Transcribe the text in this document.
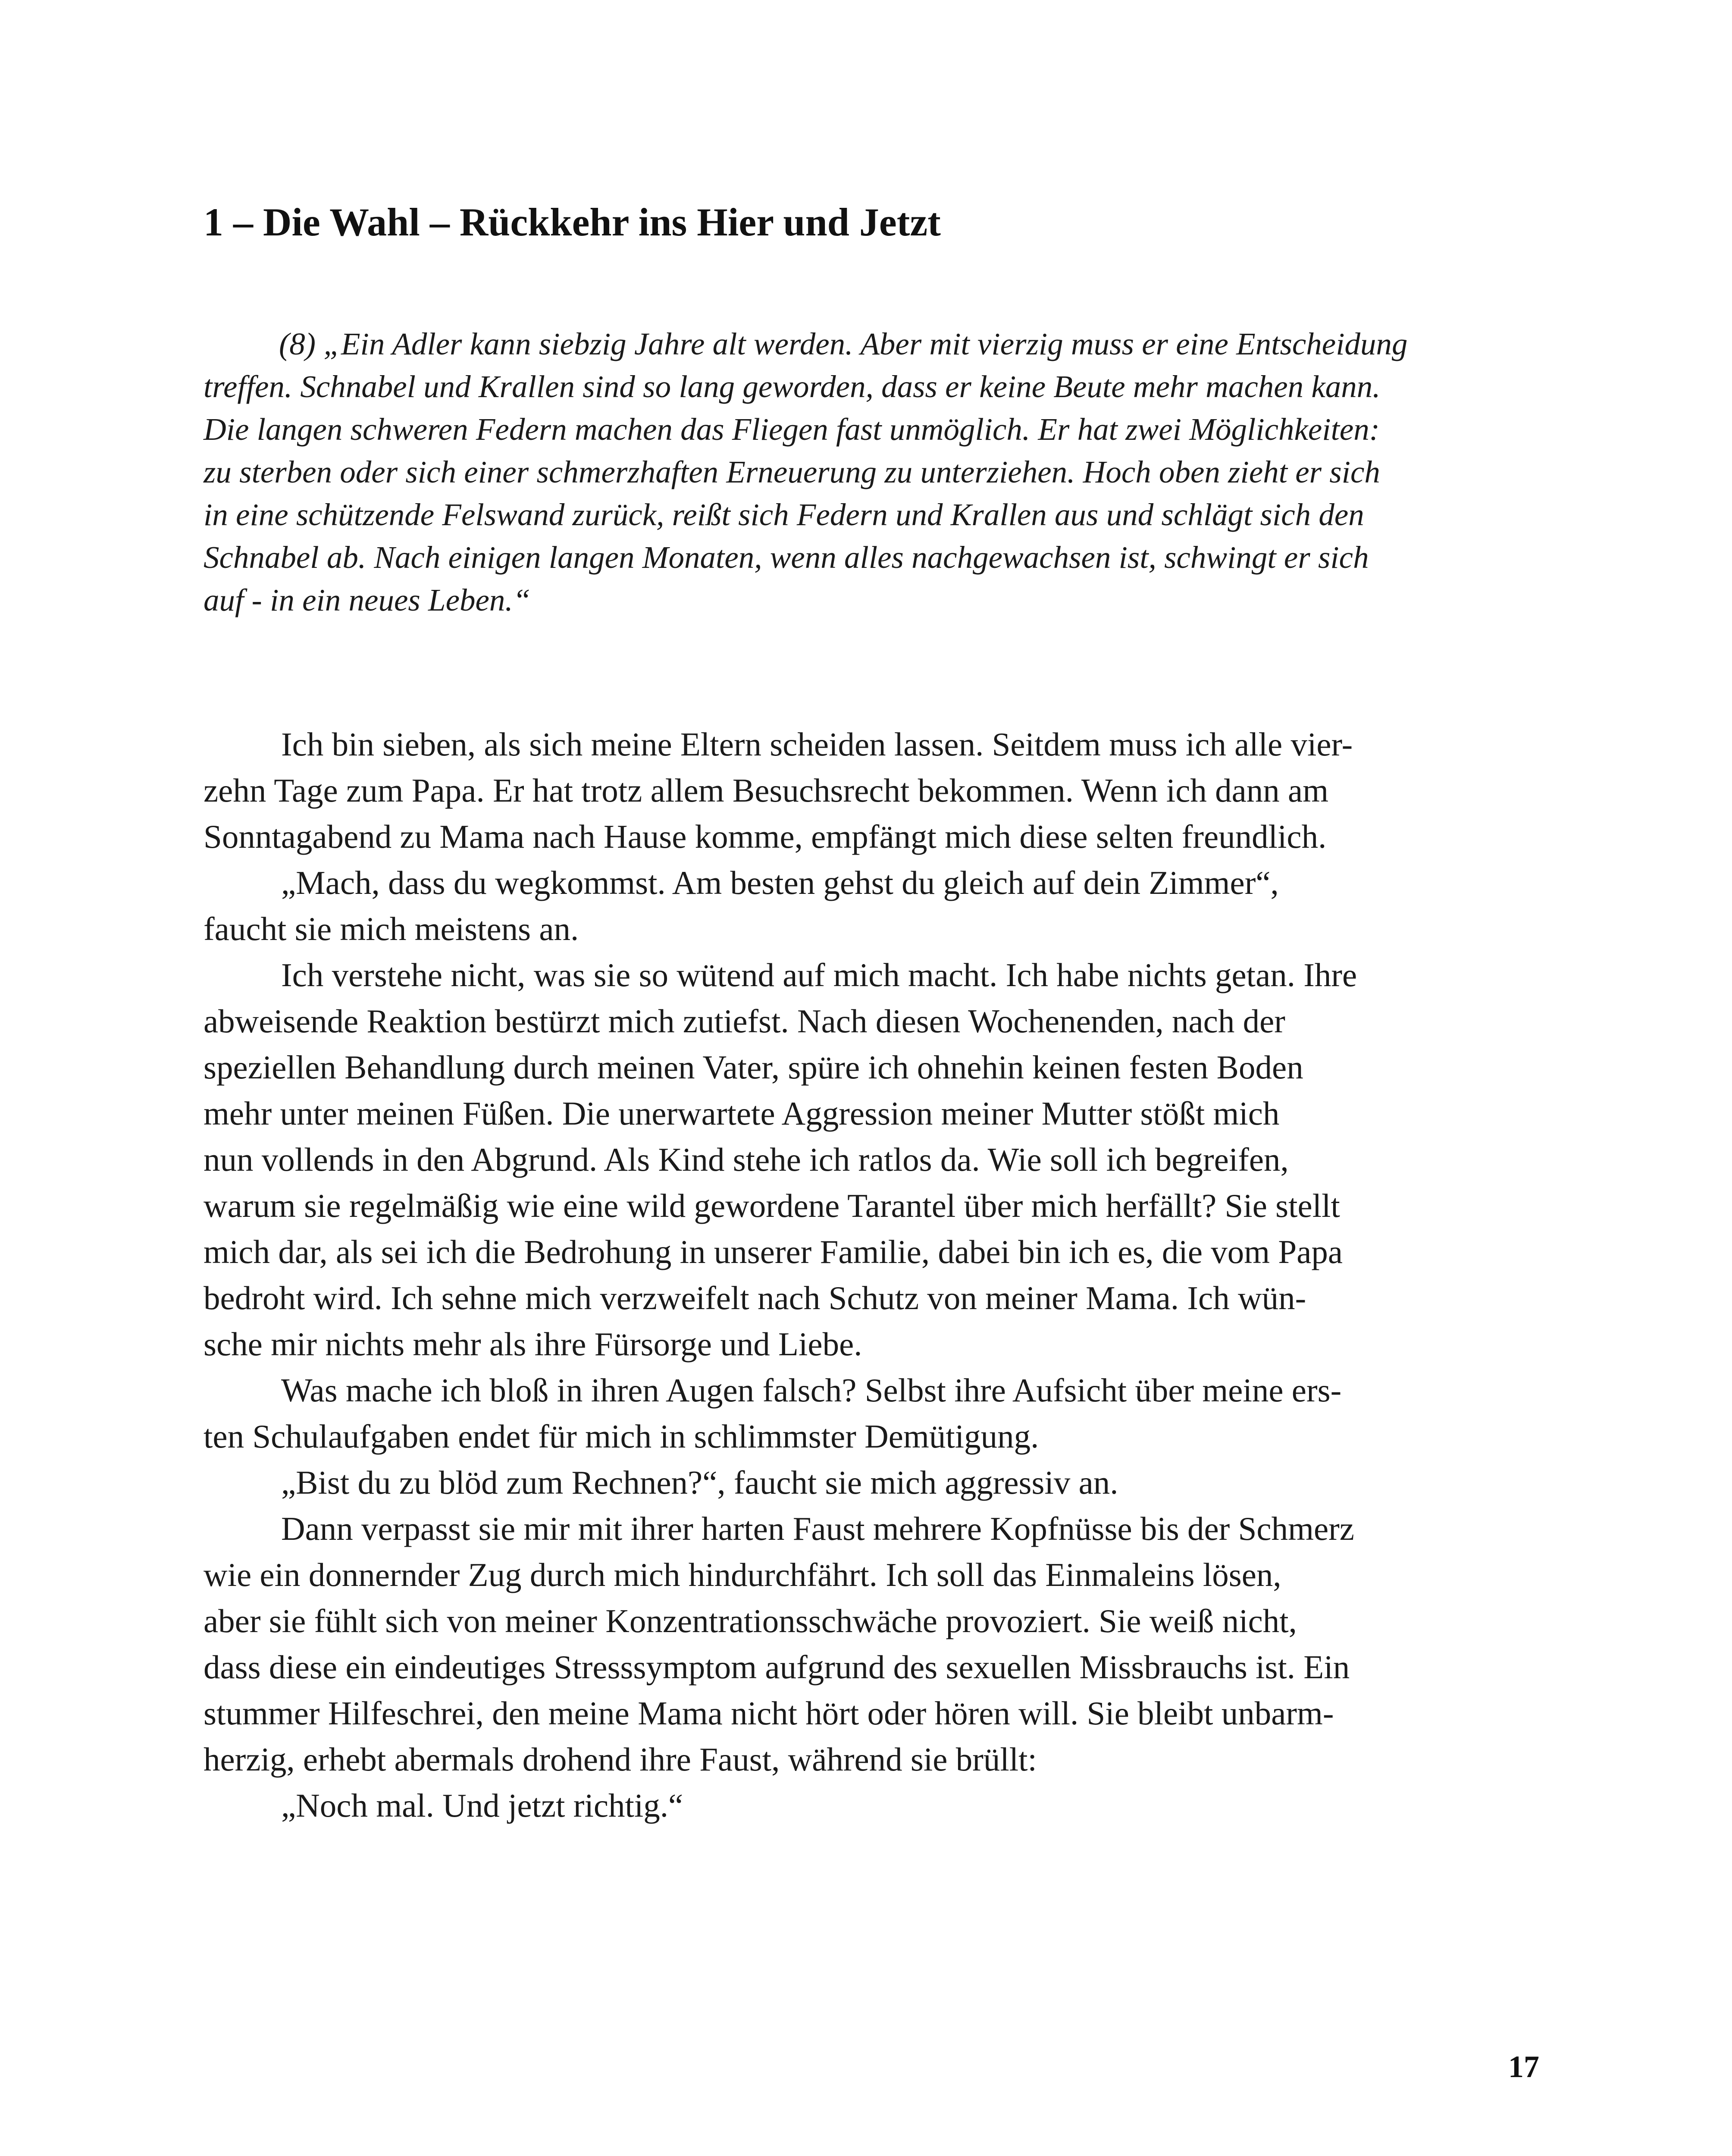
1 – Die Wahl – Rückkehr ins Hier und Jetzt
(8) „Ein Adler kann siebzig Jahre alt werden. Aber mit vierzig muss er eine Entscheidung
treffen. Schnabel und Krallen sind so lang geworden, dass er keine Beute mehr machen kann.
Die langen schweren Federn machen das Fliegen fast unmöglich. Er hat zwei Möglichkeiten:
zu sterben oder sich einer schmerzhaften Erneuerung zu unterziehen. Hoch oben zieht er sich
in eine schützende Felswand zurück, reißt sich Federn und Krallen aus und schlägt sich den
Schnabel ab. Nach einigen langen Monaten, wenn alles nachgewachsen ist, schwingt er sich
auf - in ein neues Leben.“
Ich bin sieben, als sich meine Eltern scheiden lassen. Seitdem muss ich alle vier-
zehn Tage zum Papa. Er hat trotz allem Besuchsrecht bekommen. Wenn ich dann am
Sonntagabend zu Mama nach Hause komme, empfängt mich diese selten freundlich.
„Mach, dass du wegkommst. Am besten gehst du gleich auf dein Zimmer“,
faucht sie mich meistens an.
Ich verstehe nicht, was sie so wütend auf mich macht. Ich habe nichts getan. Ihre
abweisende Reaktion bestürzt mich zutiefst. Nach diesen Wochenenden, nach der
speziellen Behandlung durch meinen Vater, spüre ich ohnehin keinen festen Boden
mehr unter meinen Füßen. Die unerwartete Aggression meiner Mutter stößt mich
nun vollends in den Abgrund. Als Kind stehe ich ratlos da. Wie soll ich begreifen,
warum sie regelmäßig wie eine wild gewordene Tarantel über mich herfällt? Sie stellt
mich dar, als sei ich die Bedrohung in unserer Familie, dabei bin ich es, die vom Papa
bedroht wird. Ich sehne mich verzweifelt nach Schutz von meiner Mama. Ich wün-
sche mir nichts mehr als ihre Fürsorge und Liebe.
Was mache ich bloß in ihren Augen falsch? Selbst ihre Aufsicht über meine ers-
ten Schulaufgaben endet für mich in schlimmster Demütigung.
„Bist du zu blöd zum Rechnen?“, faucht sie mich aggressiv an.
Dann verpasst sie mir mit ihrer harten Faust mehrere Kopfnüsse bis der Schmerz
wie ein donnernder Zug durch mich hindurchfährt. Ich soll das Einmaleins lösen,
aber sie fühlt sich von meiner Konzentrationsschwäche provoziert. Sie weiß nicht,
dass diese ein eindeutiges Stresssymptom aufgrund des sexuellen Missbrauchs ist. Ein
stummer Hilfeschrei, den meine Mama nicht hört oder hören will. Sie bleibt unbarm-
herzig, erhebt abermals drohend ihre Faust, während sie brüllt:
„Noch mal. Und jetzt richtig.“
17
